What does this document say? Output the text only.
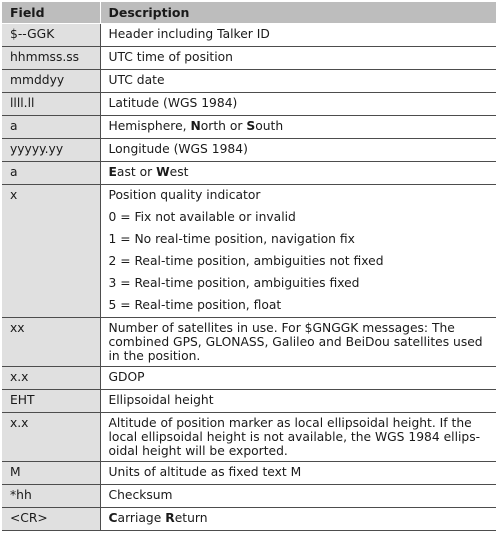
Field	Description
$--GGK	Header including Talker ID
hhmmss.ss	UTC time of position
mmddyy	UTC date
llll.ll	Latitude (WGS 1984)
a	Hemisphere, North or South
yyyyy.yy	Longitude (WGS 1984)
a	East or West
x	Position quality indicator
	0 = Fix not available or invalid
	1 = No real-time position, navigation fix
	2 = Real-time position, ambiguities not fixed
	3 = Real-time position, ambiguities fixed
	5 = Real-time position, float
xx	Number of satellites in use. For $GNGGK messages: The combined GPS, GLONASS, Galileo and BeiDou satellites used in the position.
x.x	GDOP
EHT	Ellipsoidal height
x.x	Altitude of position marker as local ellipsoidal height. If the local ellipsoidal height is not available, the WGS 1984 ellips-oidal height will be exported.
M	Units of altitude as fixed text M
*hh	Checksum
<CR>	Carriage Return
